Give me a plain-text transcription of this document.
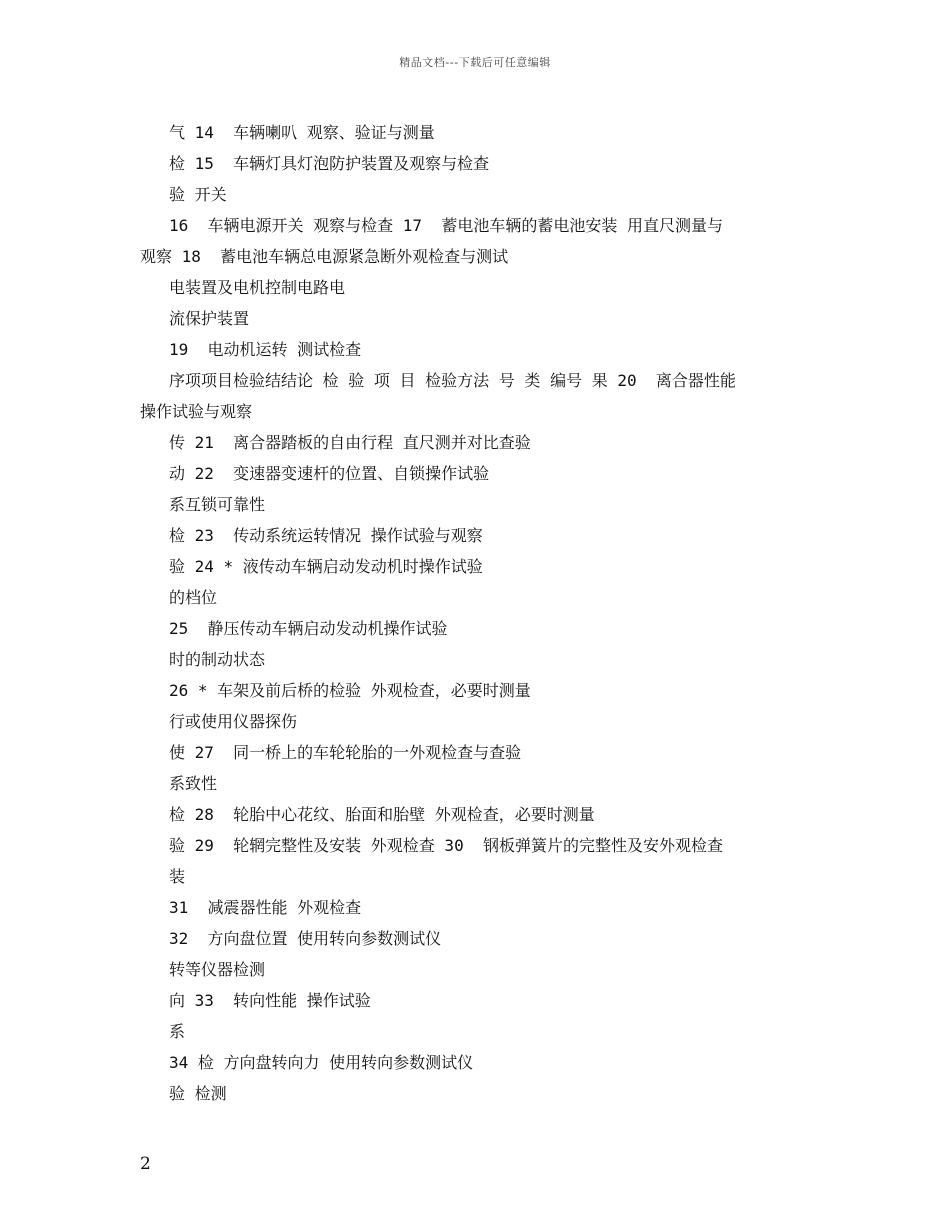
精品文档---下载后可任意编辑
气 14  车辆喇叭 观察、验证与测量
检 15  车辆灯具灯泡防护装置及观察与检查
验 开关
16  车辆电源开关 观察与检查 17  蓄电池车辆的蓄电池安装 用直尺测量与
观察 18  蓄电池车辆总电源紧急断外观检查与测试
电装置及电机控制电路电
流保护装置
19  电动机运转 测试检查
序项项目检验结结论 检 验 项 目 检验方法 号 类 编号 果 20  离合器性能
操作试验与观察
传 21  离合器踏板的自由行程 直尺测并对比查验
动 22  变速器变速杆的位置、自锁操作试验
系互锁可靠性
检 23  传动系统运转情况 操作试验与观察
验 24 * 液传动车辆启动发动机时操作试验
的档位
25  静压传动车辆启动发动机操作试验
时的制动状态
26 * 车架及前后桥的检验 外观检查，必要时测量
行或使用仪器探伤
使 27  同一桥上的车轮轮胎的一外观检查与查验
系致性
检 28  轮胎中心花纹、胎面和胎壁 外观检查，必要时测量
验 29  轮辋完整性及安装 外观检查 30  钢板弹簧片的完整性及安外观检查
装
31  减震器性能 外观检查
32  方向盘位置 使用转向参数测试仪
转等仪器检测
向 33  转向性能 操作试验
系
34 检 方向盘转向力 使用转向参数测试仪
验 检测
2
